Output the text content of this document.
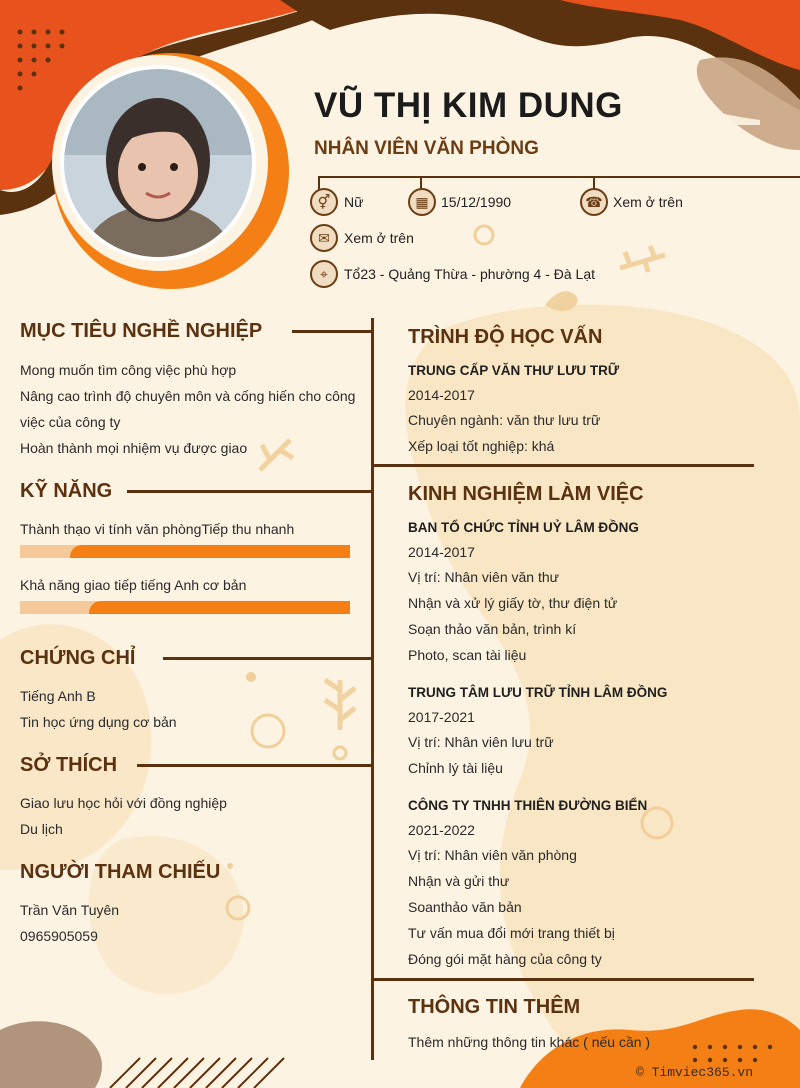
VŨ THỊ KIM DUNG
NHÂN VIÊN VĂN PHÒNG
⚥ Nữ	▦ 15/12/1990	☎ Xem ở trên
✉	Xem ở trên
⌖	Tổ23 - Quảng Thừa - phường 4 - Đà Lạt
MỤC TIÊU NGHỀ NGHIỆP
Mong muốn tìm công việc phù hợp
Nâng cao trình độ chuyên môn và cống hiến cho công
việc của công ty
Hoàn thành mọi nhiệm vụ được giao
KỸ NĂNG
Thành thạo vi tính văn phòngTiếp thu nhanh
Khả năng giao tiếp tiếng Anh cơ bản
CHỨNG CHỈ
Tiếng Anh B
Tin học ứng dụng cơ bản
SỞ THÍCH
Giao lưu học hỏi với đồng nghiệp
Du lịch
NGƯỜI THAM CHIẾU
Trần Văn Tuyên
0965905059
TRÌNH ĐỘ HỌC VẤN
TRUNG CẤP VĂN THƯ LƯU TRỮ
2014-2017
Chuyên ngành: văn thư lưu trữ
Xếp loại tốt nghiệp: khá
KINH NGHIỆM LÀM VIỆC
BAN TỔ CHỨC TỈNH UỶ LÂM ĐỒNG
2014-2017
Vị trí: Nhân viên văn thư
Nhận và xử lý giấy tờ, thư điện tử
Soạn thảo văn bản, trình kí
Photo, scan tài liệu
TRUNG TÂM LƯU TRỮ TỈNH LÂM ĐỒNG
2017-2021
Vị trí: Nhân viên lưu trữ
Chỉnh lý tài liệu
CÔNG TY TNHH THIÊN ĐƯỜNG BIỂN
2021-2022
Vị trí: Nhân viên văn phòng
Nhận và gửi thư
Soanthảo văn bản
Tư vấn mua đổi mới trang thiết bị
Đóng gói mặt hàng của công ty
THÔNG TIN THÊM
Thêm những thông tin khác ( nếu cần )
© Timviec365.vn
